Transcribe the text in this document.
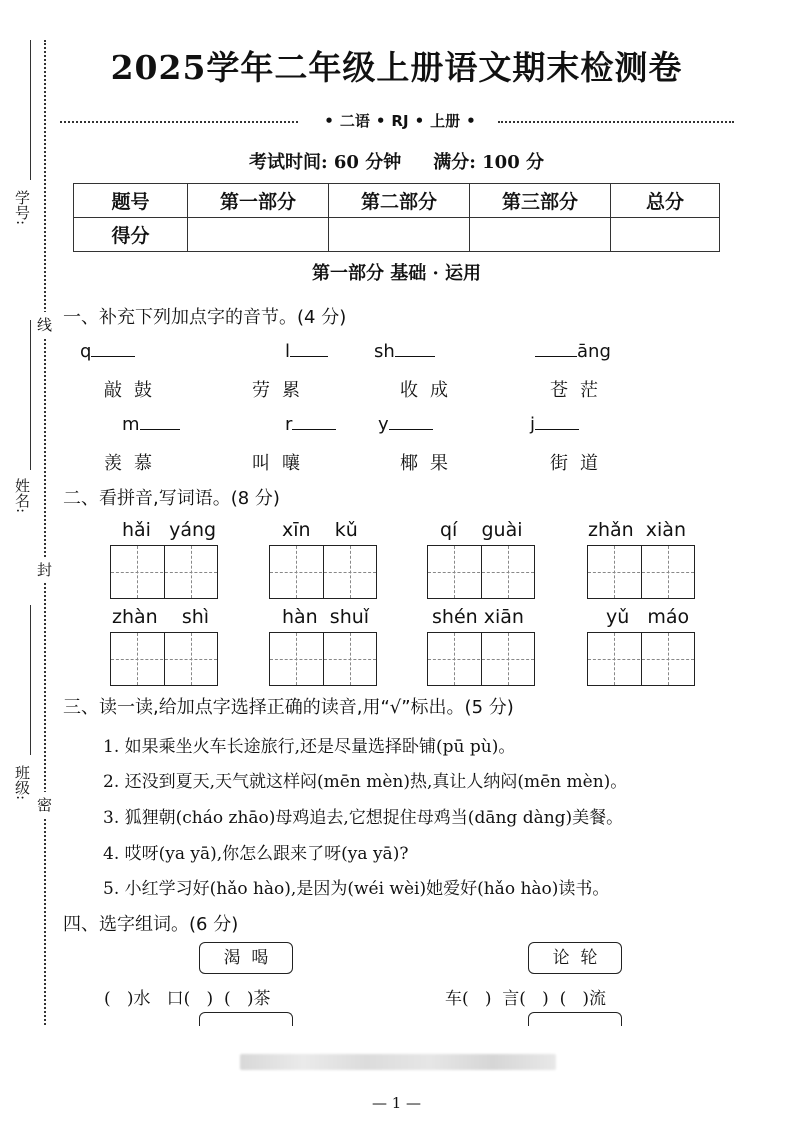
学号:
线
姓名:
封
班级:
密
2025学年二年级上册语文期末检测卷
• 二语 • RJ • 上册 •
考试时间: 60 分钟 满分: 100 分
题号	第一部分	第二部分	第三部分	总分
得分				
第一部分 基础 · 运用
一、补充下列加点字的音节。(4 分)
q	l	sh	āng
敲鼓	劳累	收成	苍茫
m	r	y	j
羡慕	叫嚷	椰果	街道
二、看拼音,写词语。(8 分)
hǎi   yáng	xīn    kǔ	qí    guài	zhǎn  xiàn
zhàn    shì	hàn  shuǐ	shén xiān	yǔ   máo
三、读一读,给加点字选择正确的读音,用“√”标出。(5 分)
1. 如果乘坐火车长途旅行,还是尽量选择卧铺(pū pù)。
2. 还没到夏天,天气就这样闷(mēn mèn)热,真让人纳闷(mēn mèn)。
3. 狐狸朝(cháo zhāo)母鸡追去,它想捉住母鸡当(dāng dàng)美餐。
4. 哎呀(ya yā),你怎么跟来了呀(ya yā)?
5. 小红学习好(hǎo hào),是因为(wéi wèi)她爱好(hǎo hào)读书。
四、选字组词。(6 分)
渴  喝	论  轮
(   )水   口(   )  (   )茶	车(   )  言(   )  (   )流
— 1 —
